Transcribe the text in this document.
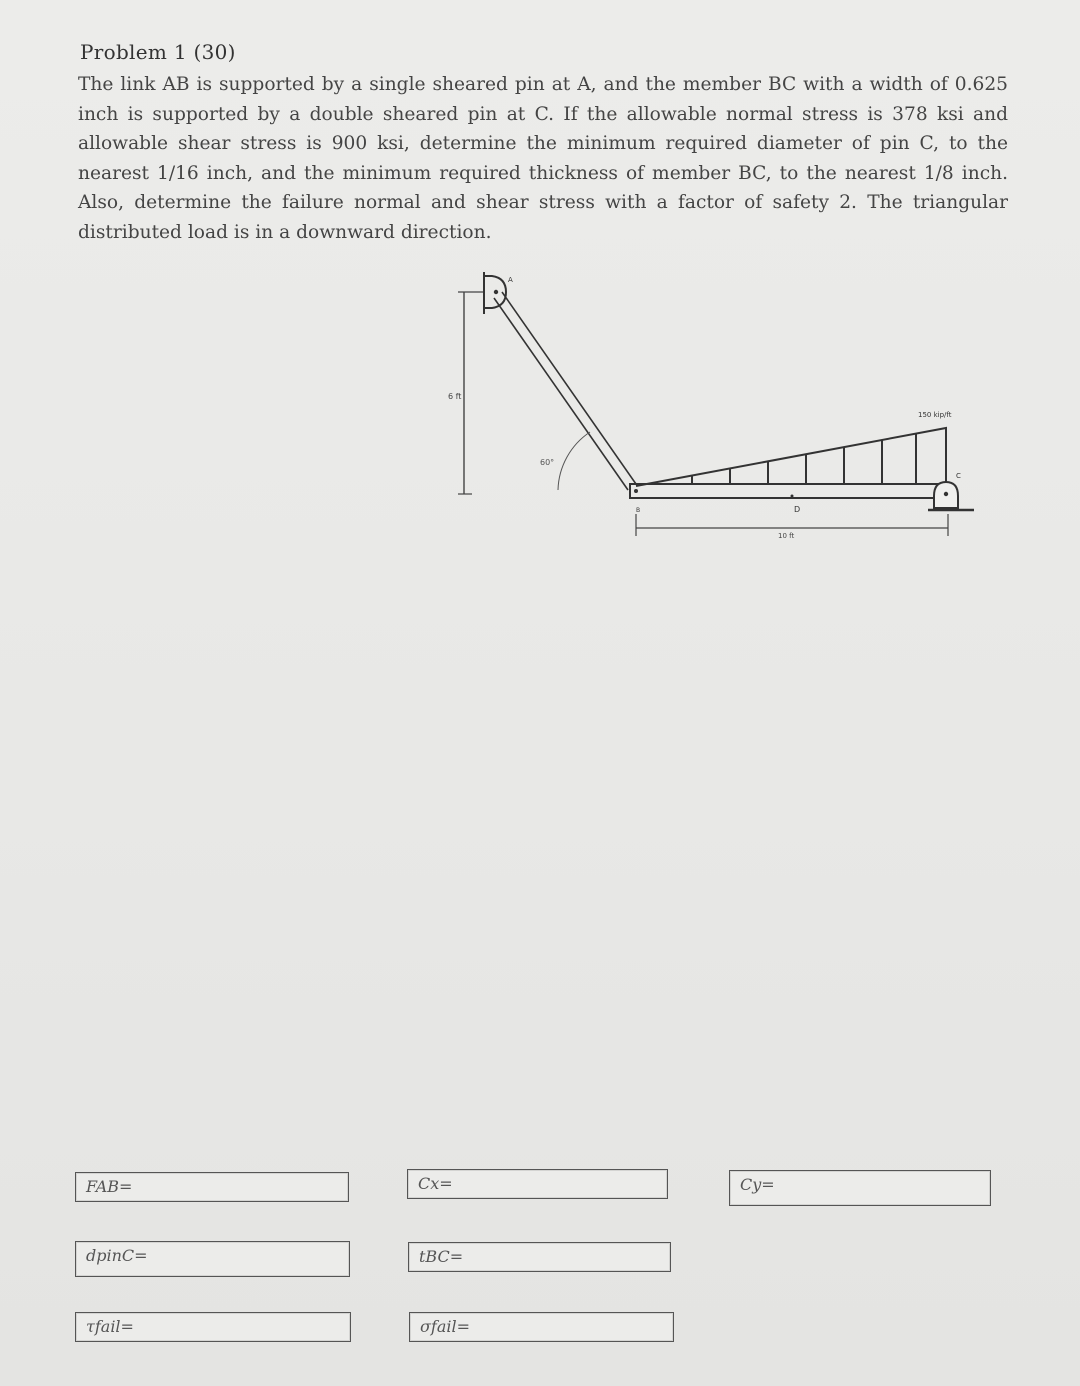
Problem 1 (30)
The link AB is supported by a single sheared pin at A, and the member BC with a width of 0.625 inch is supported by a double sheared pin at C. If the allowable normal stress is 378 ksi and allowable shear stress is 900 ksi, determine the minimum required diameter of pin C, to the nearest 1/16 inch, and the minimum required thickness of member BC, to the nearest 1/8 inch. Also, determine the failure normal and shear stress with a factor of safety 2. The triangular distributed load is in a downward direction.
6 ft
A
60°
B	D
150 kip/ft
C
10 ft
FAB=	Cx=	Cy=
dpinC=	tBC=
τfail=	σfail=
